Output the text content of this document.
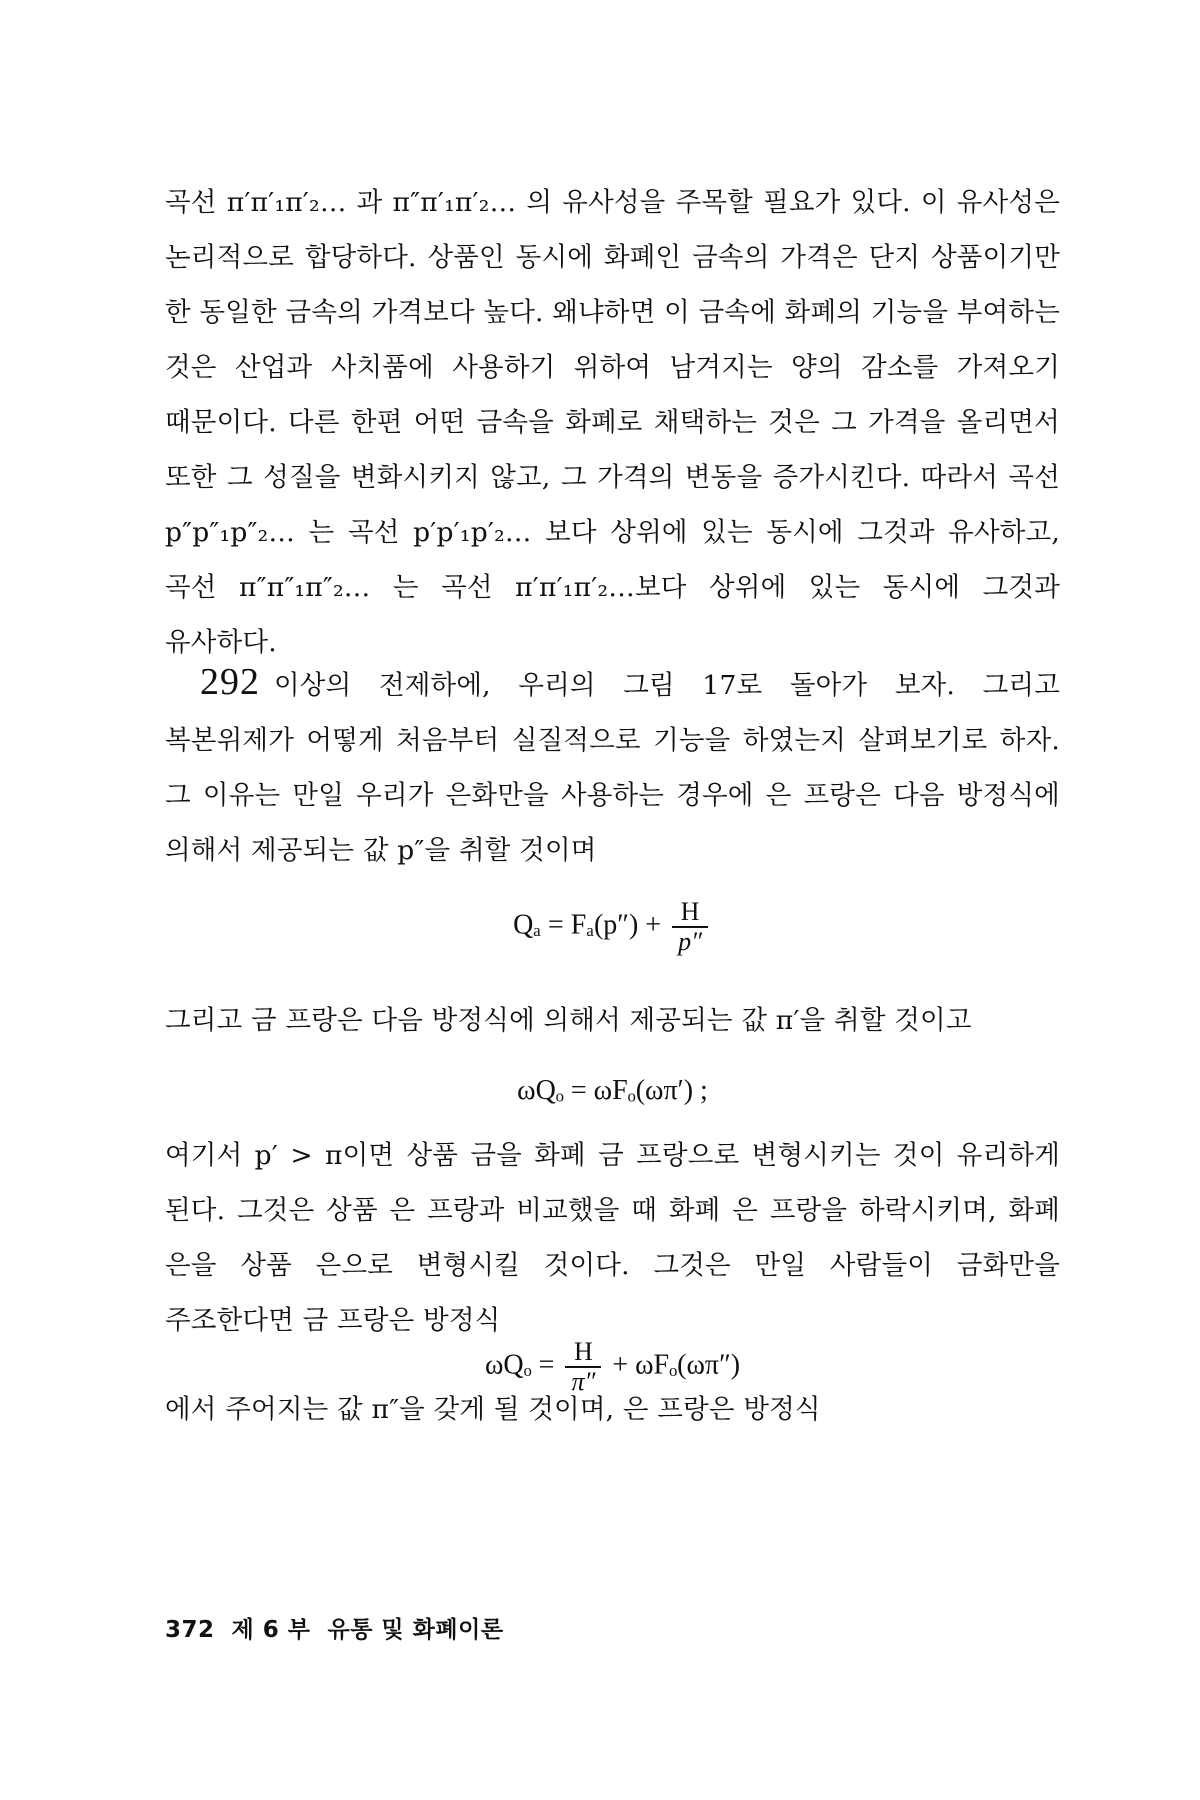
곡선 π′π′₁π′₂… 과 π″π′₁π′₂… 의 유사성을 주목할 필요가 있다. 이 유사성은 논리적으로 합당하다. 상품인 동시에 화폐인 금속의 가격은 단지 상품이기만 한 동일한 금속의 가격보다 높다. 왜냐하면 이 금속에 화폐의 기능을 부여하는 것은 산업과 사치품에 사용하기 위하여 남겨지는 양의 감소를 가져오기 때문이다. 다른 한편 어떤 금속을 화폐로 채택하는 것은 그 가격을 올리면서 또한 그 성질을 변화시키지 않고, 그 가격의 변동을 증가시킨다. 따라서 곡선 p″p″₁p″₂… 는 곡선 p′p′₁p′₂… 보다 상위에 있는 동시에 그것과 유사하고, 곡선 π″π″₁π″₂… 는 곡선 π′π′₁π′₂…보다 상위에 있는 동시에 그것과 유사하다.

292 이상의 전제하에, 우리의 그림 17로 돌아가 보자. 그리고 복본위제가 어떻게 처음부터 실질적으로 기능을 하였는지 살펴보기로 하자. 그 이유는 만일 우리가 은화만을 사용하는 경우에 은 프랑은 다음 방정식에 의해서 제공되는 값 p″을 취할 것이며

$Q_a = F_a(p'') + \frac{H}{p''}$

그리고 금 프랑은 다음 방정식에 의해서 제공되는 값 π′을 취할 것이고

ωQₒ = ωFₒ(ωπ′) ;

여기서 p′ > π이면 상품 금을 화폐 금 프랑으로 변형시키는 것이 유리하게 된다. 그것은 상품 은 프랑과 비교했을 때 화폐 은 프랑을 하락시키며, 화폐 은을 상품 은으로 변형시킬 것이다. 그것은 만일 사람들이 금화만을 주조한다면 금 프랑은 방정식

$\omega Q_o = \frac{H}{\pi''} + \omega F_o(\omega\pi'')$

에서 주어지는 값 π″을 갖게 될 것이며, 은 프랑은 방정식

372  제 6 부  유통 및 화폐이론
